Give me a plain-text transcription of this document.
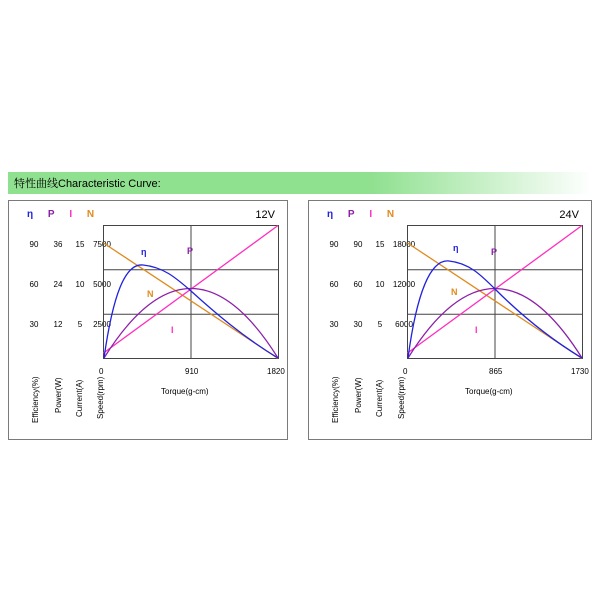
特性曲线Characteristic Curve:
η P I N	12V
90
60
30
36
24
12
15
10
5
7500
5000
2500
Efficiency(%) Power(W) Current(A) Speed(rpm)
η	P
N
I
0	910	1820
Torque(g-cm)
η P I N	24V
90
60
30
90
60
30
15
10
5
18000
12000
6000
Efficiency(%) Power(W) Current(A) Speed(rpm)
η	P
N
I
0	865	1730
Torque(g-cm)
